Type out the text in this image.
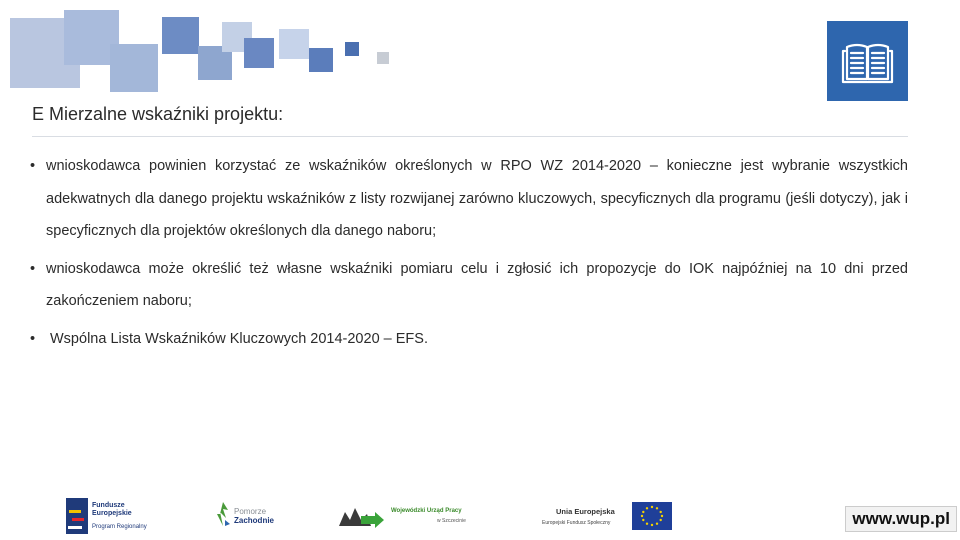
E Mierzalne wskaźniki projektu:
• wnioskodawca powinien korzystać ze wskaźników określonych w RPO WZ 2014-2020 – konieczne jest wybranie wszystkich adekwatnych dla danego projektu wskaźników z listy rozwijanej zarówno kluczowych, specyficznych dla programu (jeśli dotyczy), jak i specyficznych dla projektów określonych dla danego naboru;
• wnioskodawca może określić też własne wskaźniki pomiaru celu i zgłosić ich propozycje do IOK najpóźniej na 10 dni przed zakończeniem naboru;
• Wspólna Lista Wskaźników Kluczowych 2014-2020 – EFS.
Fundusze
Europejskie
Program Regionalny
Pomorze
Zachodnie
Wojewódzki Urząd Pracy
w Szczecinie
Unia Europejska
Europejski Fundusz Społeczny	www.wup.pl
